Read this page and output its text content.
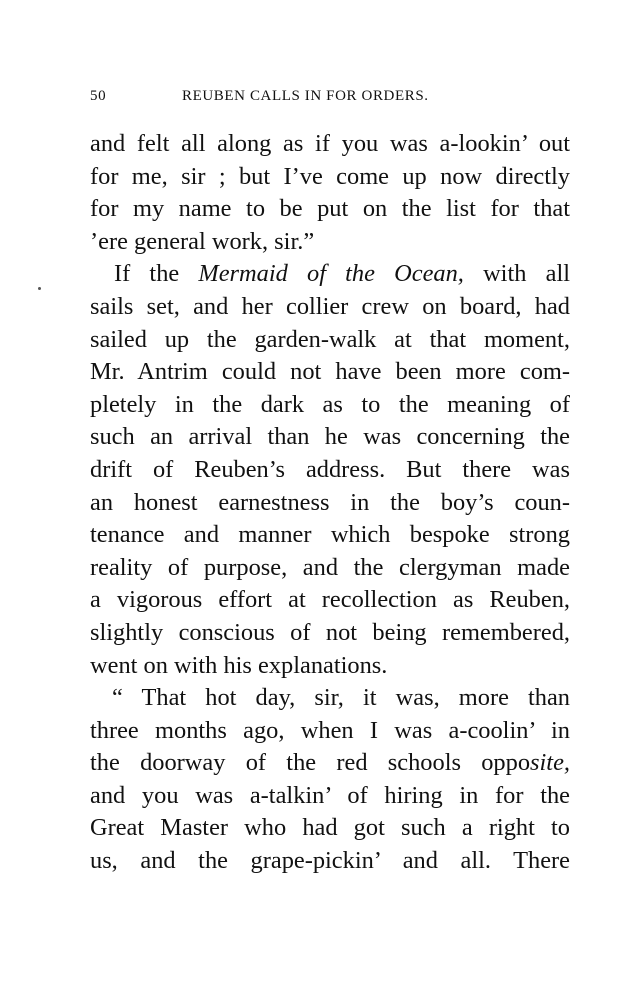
50	REUBEN CALLS IN FOR ORDERS.
and felt all along as if you was a-lookin’ out
for me, sir ; but I’ve come up now directly
for my name to be put on the list for that
’ere general work, sir.”
If the Mermaid of the Ocean, with all
sails set, and her collier crew on board, had
sailed up the garden-walk at that moment,
Mr. Antrim could not have been more com-
pletely in the dark as to the meaning of
such an arrival than he was concerning the
drift of Reuben’s address. But there was
an honest earnestness in the boy’s coun-
tenance and manner which bespoke strong
reality of purpose, and the clergyman made
a vigorous effort at recollection as Reuben,
slightly conscious of not being remembered,
went on with his explanations.
“ That hot day, sir, it was, more than
three months ago, when I was a-coolin’ in
the doorway of the red schools opposite,
and you was a-talkin’ of hiring in for the
Great Master who had got such a right to
us, and the grape-pickin’ and all. There
